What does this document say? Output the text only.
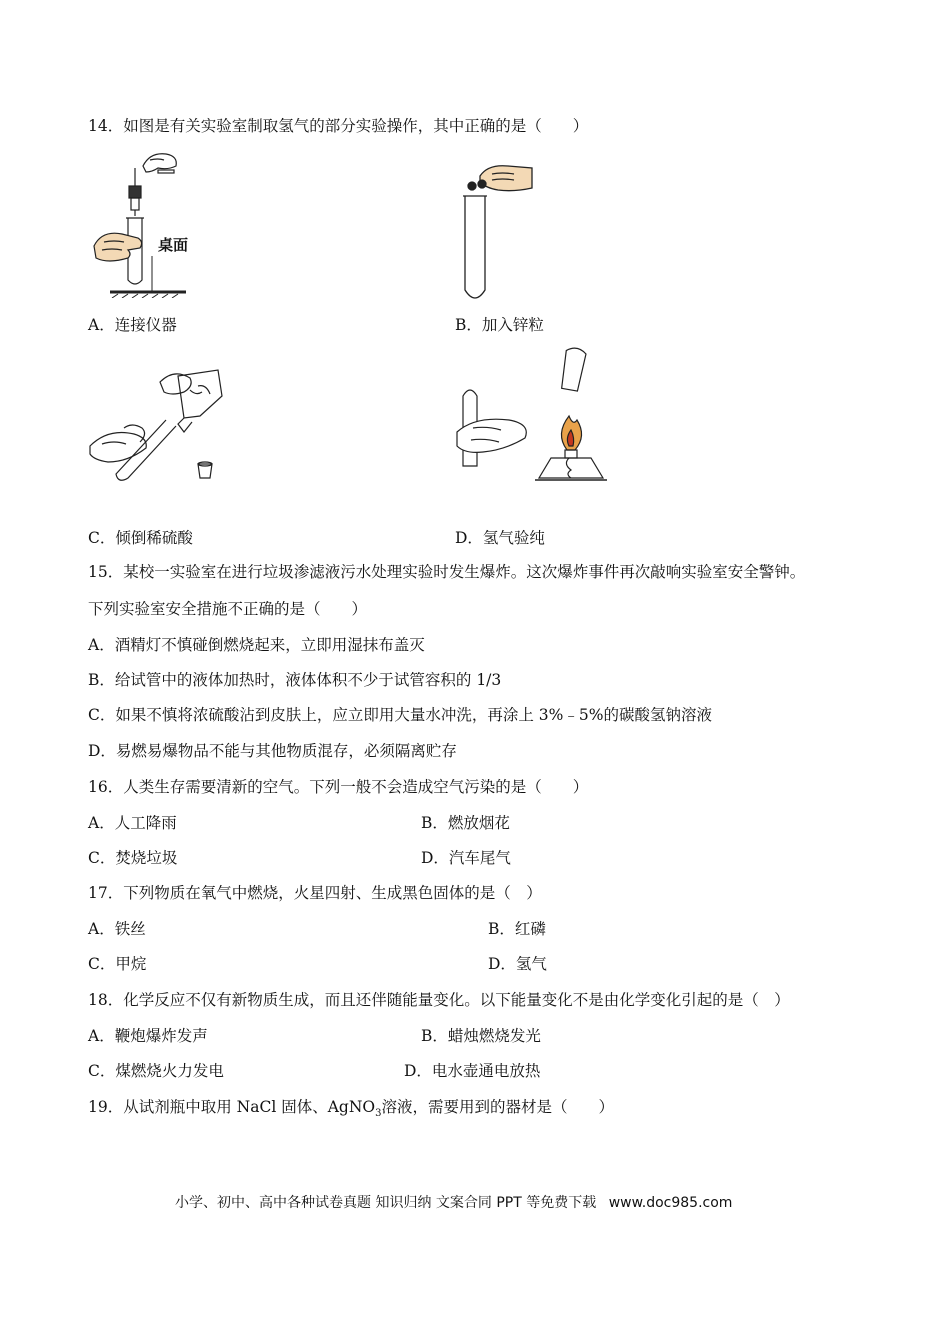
14．如图是有关实验室制取氢气的部分实验操作，其中正确的是（　　）
桌面
A．连接仪器	B．加入锌粒
C．倾倒稀硫酸	D．氢气验纯
15．某校一实验室在进行垃圾渗滤液污水处理实验时发生爆炸。这次爆炸事件再次敲响实验室安全警钟。
下列实验室安全措施不正确的是（　　）
A．酒精灯不慎碰倒燃烧起来，立即用湿抹布盖灭
B．给试管中的液体加热时，液体体积不少于试管容积的 1/3
C．如果不慎将浓硫酸沾到皮肤上，应立即用大量水冲洗，再涂上 3%﹣5%的碳酸氢钠溶液
D．易燃易爆物品不能与其他物质混存，必须隔离贮存
16．人类生存需要清新的空气。下列一般不会造成空气污染的是（　　）
A．人工降雨	B．燃放烟花
C．焚烧垃圾	D．汽车尾气
17．下列物质在氧气中燃烧，火星四射、生成黑色固体的是（　）
A．铁丝	B．红磷
C．甲烷	D．氢气
18．化学反应不仅有新物质生成，而且还伴随能量变化。以下能量变化不是由化学变化引起的是（　）
A．鞭炮爆炸发声	B．蜡烛燃烧发光
C．煤燃烧火力发电	D．电水壶通电放热
19．从试剂瓶中取用 NaCl 固体、AgNO$_3$溶液，需要用到的器材是（　　）
小学、初中、高中各种试卷真题 知识归纳 文案合同 PPT 等免费下载 www.doc985.com
